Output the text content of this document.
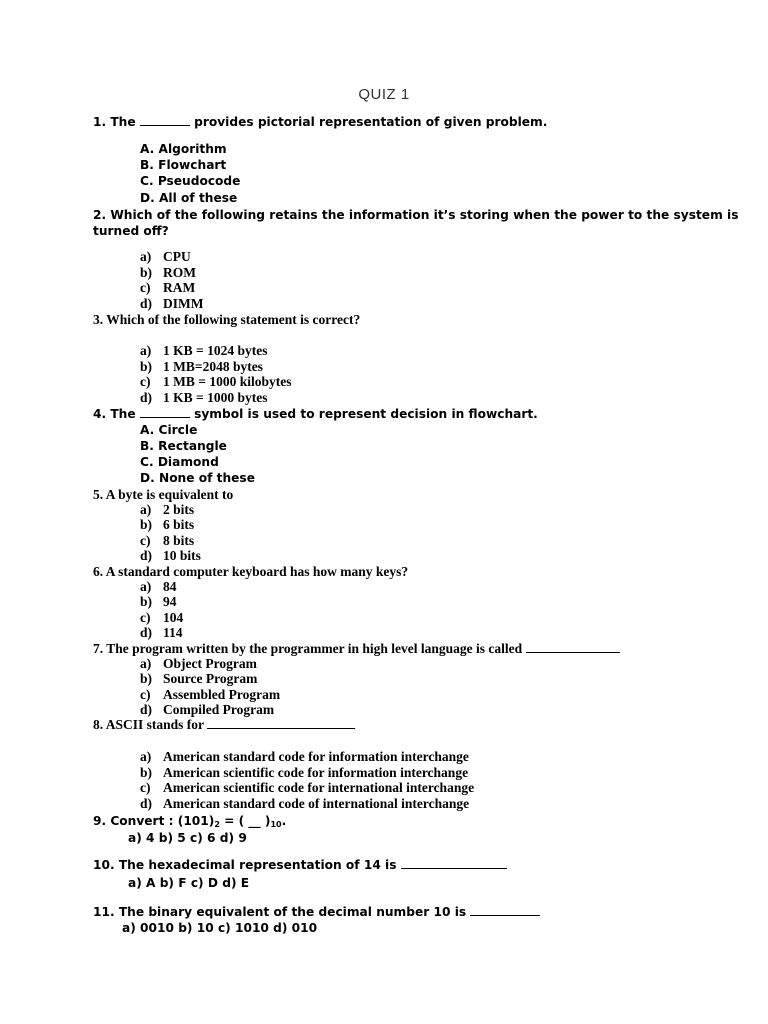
QUIZ 1
1. The	provides pictorial representation of given problem.
A. Algorithm
B. Flowchart
C. Pseudocode
D. All of these
2. Which of the following retains the information it’s storing when the power to the system is
turned off?
a) CPU
b) ROM
c) RAM
d) DIMM
3. Which of the following statement is correct?
a) 1 KB = 1024 bytes
b) 1 MB=2048 bytes
c) 1 MB = 1000 kilobytes
d) 1 KB = 1000 bytes
4. The	symbol is used to represent decision in flowchart.
A. Circle
B. Rectangle
C. Diamond
D. None of these
5. A byte is equivalent to
a) 2 bits
b) 6 bits
c) 8 bits
d) 10 bits
6. A standard computer keyboard has how many keys?
a) 84
b) 94
c) 104
d) 114
7. The program written by the programmer in high level language is called
a) Object Program
b) Source Program
c) Assembled Program
d) Compiled Program
8. ASCII stands for
a) American standard code for information interchange
b) American scientific code for information interchange
c) American scientific code for international interchange
d) American standard code of international interchange
9. Convert : $(101)_2$ = ( __ )$_{10}$.
a) 4 b) 5 c) 6 d) 9
10. The hexadecimal representation of 14 is
a) A b) F c) D d) E
11. The binary equivalent of the decimal number 10 is
a) 0010 b) 10 c) 1010 d) 010
